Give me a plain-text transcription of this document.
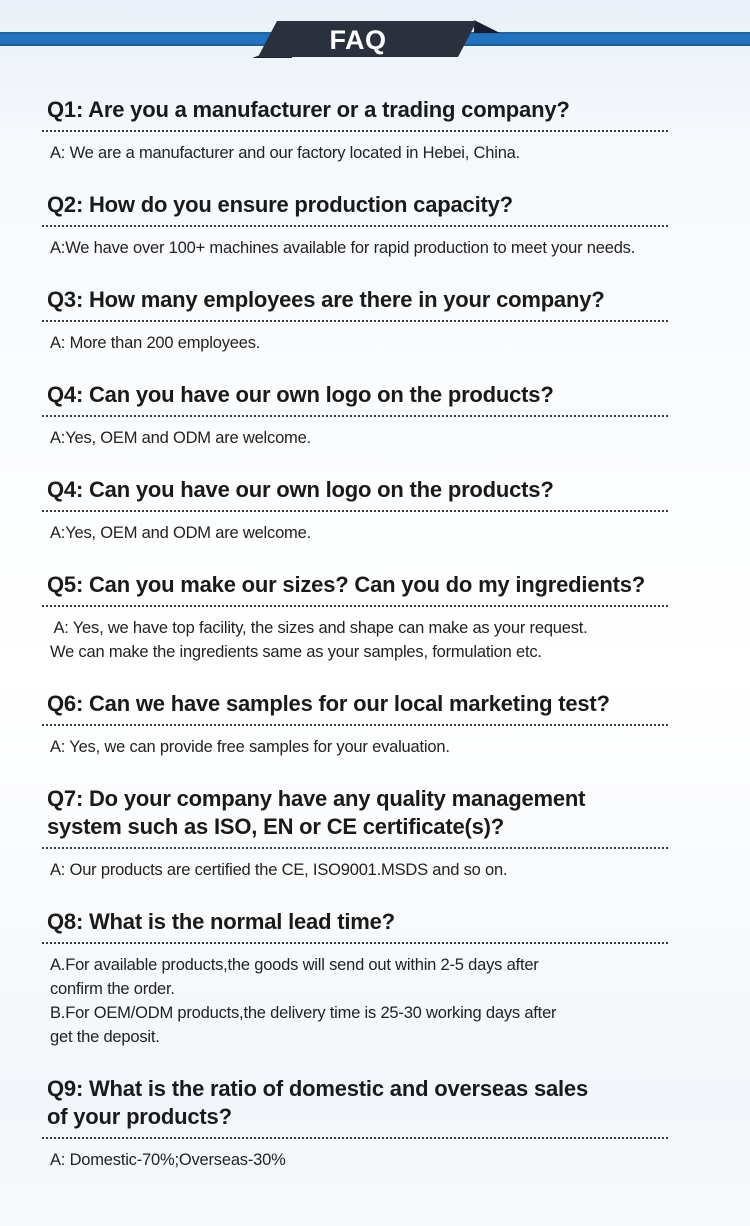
FAQ
Q1: Are you a manufacturer or a trading company?
A: We are a manufacturer and our factory located in Hebei, China.
Q2: How do you ensure production capacity?
A:We have over 100+ machines available for rapid production to meet your needs.
Q3: How many employees are there in your company?
A: More than 200 employees.
Q4: Can you have our own logo on the products?
A:Yes, OEM and ODM are welcome.
Q4: Can you have our own logo on the products?
A:Yes, OEM and ODM are welcome.
Q5: Can you make our sizes? Can you do my ingredients?
A: Yes, we have top facility, the sizes and shape can make as your request.
We can make the ingredients same as your samples, formulation etc.
Q6: Can we have samples for our local marketing test?
A: Yes, we can provide free samples for your evaluation.
Q7: Do your company have any quality management
system such as ISO, EN or CE certificate(s)?
A: Our products are certified the CE, ISO9001.MSDS and so on.
Q8: What is the normal lead time?
A.For available products,the goods will send out within 2-5 days after
confirm the order.
B.For OEM/ODM products,the delivery time is 25-30 working days after
get the deposit.
Q9: What is the ratio of domestic and overseas sales
of your products?
A: Domestic-70%;Overseas-30%
